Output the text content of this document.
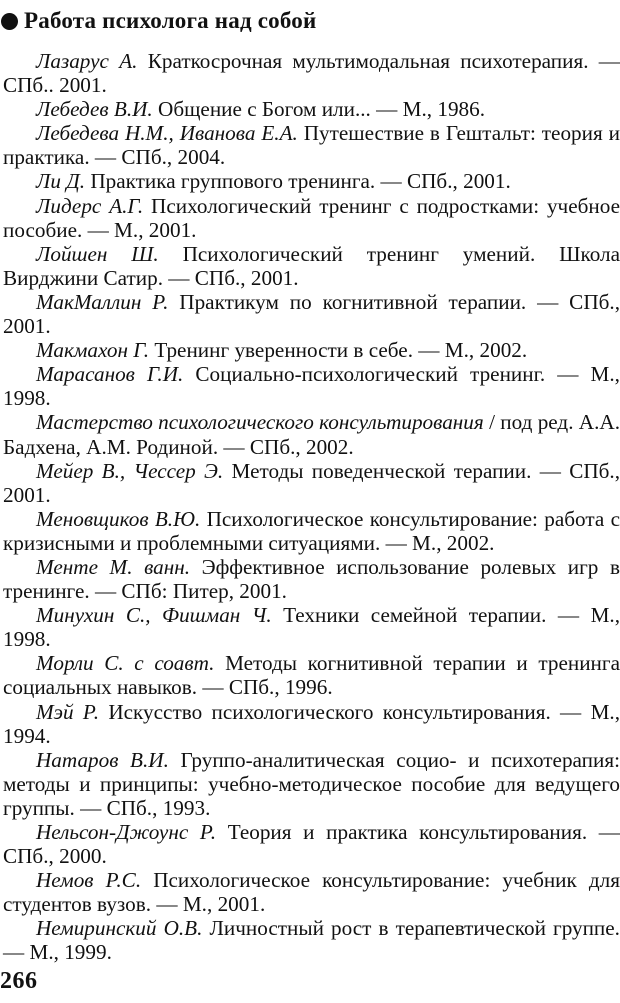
Работа психолога над собой

Лазарус А. Краткосрочная мультимодальная психотерапия. — СПб.. 2001.

Лебедев В.И. Общение с Богом или... — М., 1986.

Лебедева Н.М., Иванова Е.А. Путешествие в Гештальт: теория и практика. — СПб., 2004.

Ли Д. Практика группового тренинга. — СПб., 2001.

Лидерс А.Г. Психологический тренинг с подростками: учебное пособие. — М., 2001.

Лойшен Ш. Психологический тренинг умений. Школа Вирджини Сатир. — СПб., 2001.

МакМаллин Р. Практикум по когнитивной терапии. — СПб., 2001.

Макмахон Г. Тренинг уверенности в себе. — М., 2002.

Марасанов Г.И. Социально-психологический тренинг. — М., 1998.

Мастерство психологического консультирования / под ред. А.А. Бадхена, А.М. Родиной. — СПб., 2002.

Мейер В., Чессер Э. Методы поведенческой терапии. — СПб., 2001.

Меновщиков В.Ю. Психологическое консультирование: работа с кризисными и проблемными ситуациями. — М., 2002.

Менте М. ванн. Эффективное использование ролевых игр в тренинге. — СПб: Питер, 2001.

Минухин С., Фишман Ч. Техники семейной терапии. — М., 1998.

Морли С. с соавт. Методы когнитивной терапии и тренинга социальных навыков. — СПб., 1996.

Мэй Р. Искусство психологического консультирования. — М., 1994.

Натаров В.И. Группо-аналитическая социо- и психотерапия: методы и принципы: учебно-методическое пособие для ведущего группы. — СПб., 1993.

Нельсон-Джоунс Р. Теория и практика консультирования. — СПб., 2000.

Немов Р.С. Психологическое консультирование: учебник для студентов вузов. — М., 2001.

Немиринский О.В. Личностный рост в терапевтической группе. — М., 1999.

266
